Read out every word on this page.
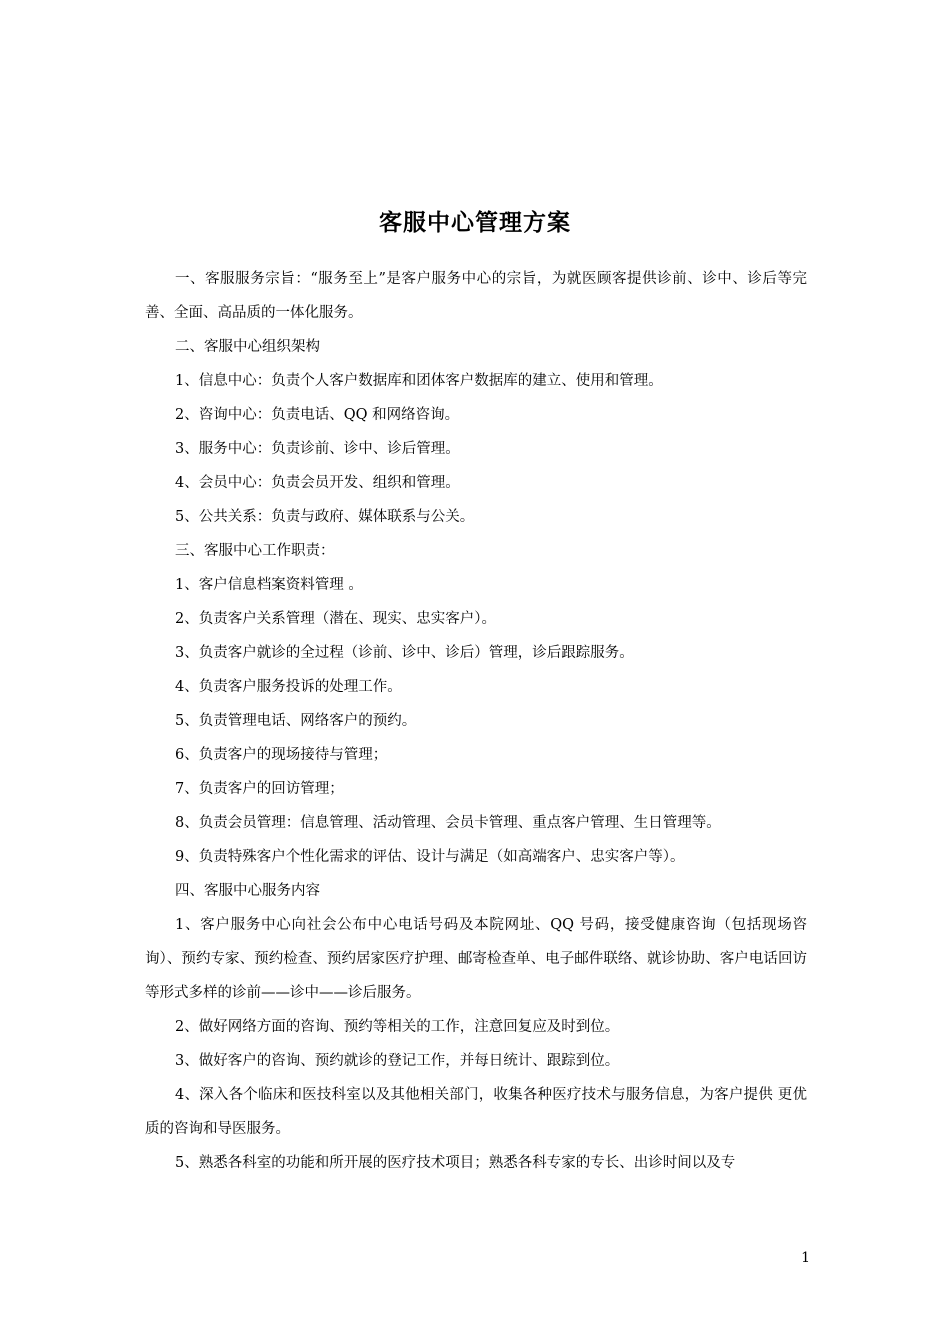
客服中心管理方案

一、客服服务宗旨：“服务至上”是客户服务中心的宗旨，为就医顾客提供诊前、诊中、诊后等完善、全面、高品质的一体化服务。

二、客服中心组织架构

1、信息中心：负责个人客户数据库和团体客户数据库的建立、使用和管理。

2、咨询中心：负责电话、QQ 和网络咨询。

3、服务中心：负责诊前、诊中、诊后管理。

4、会员中心：负责会员开发、组织和管理。

5、公共关系：负责与政府、媒体联系与公关。

三、客服中心工作职责：

1、客户信息档案资料管理 。

2、负责客户关系管理（潜在、现实、忠实客户）。

3、负责客户就诊的全过程（诊前、诊中、诊后）管理，诊后跟踪服务。

4、负责客户服务投诉的处理工作。

5、负责管理电话、网络客户的预约。

6、负责客户的现场接待与管理；

7、负责客户的回访管理；

8、负责会员管理：信息管理、活动管理、会员卡管理、重点客户管理、生日管理等。

9、负责特殊客户个性化需求的评估、设计与满足（如高端客户、忠实客户等）。

四、客服中心服务内容

1、客户服务中心向社会公布中心电话号码及本院网址、QQ 号码，接受健康咨询（包括现场咨 询）、预约专家、预约检查、预约居家医疗护理、邮寄检查单、电子邮件联络、就诊协助、客户电话回访等形式多样的诊前——诊中——诊后服务。

2、做好网络方面的咨询、预约等相关的工作，注意回复应及时到位。

3、做好客户的咨询、预约就诊的登记工作，并每日统计、跟踪到位。

4、深入各个临床和医技科室以及其他相关部门，收集各种医疗技术与服务信息，为客户提供 更优质的咨询和导医服务。

5、熟悉各科室的功能和所开展的医疗技术项目；熟悉各科专家的专长、出诊时间以及专

1
